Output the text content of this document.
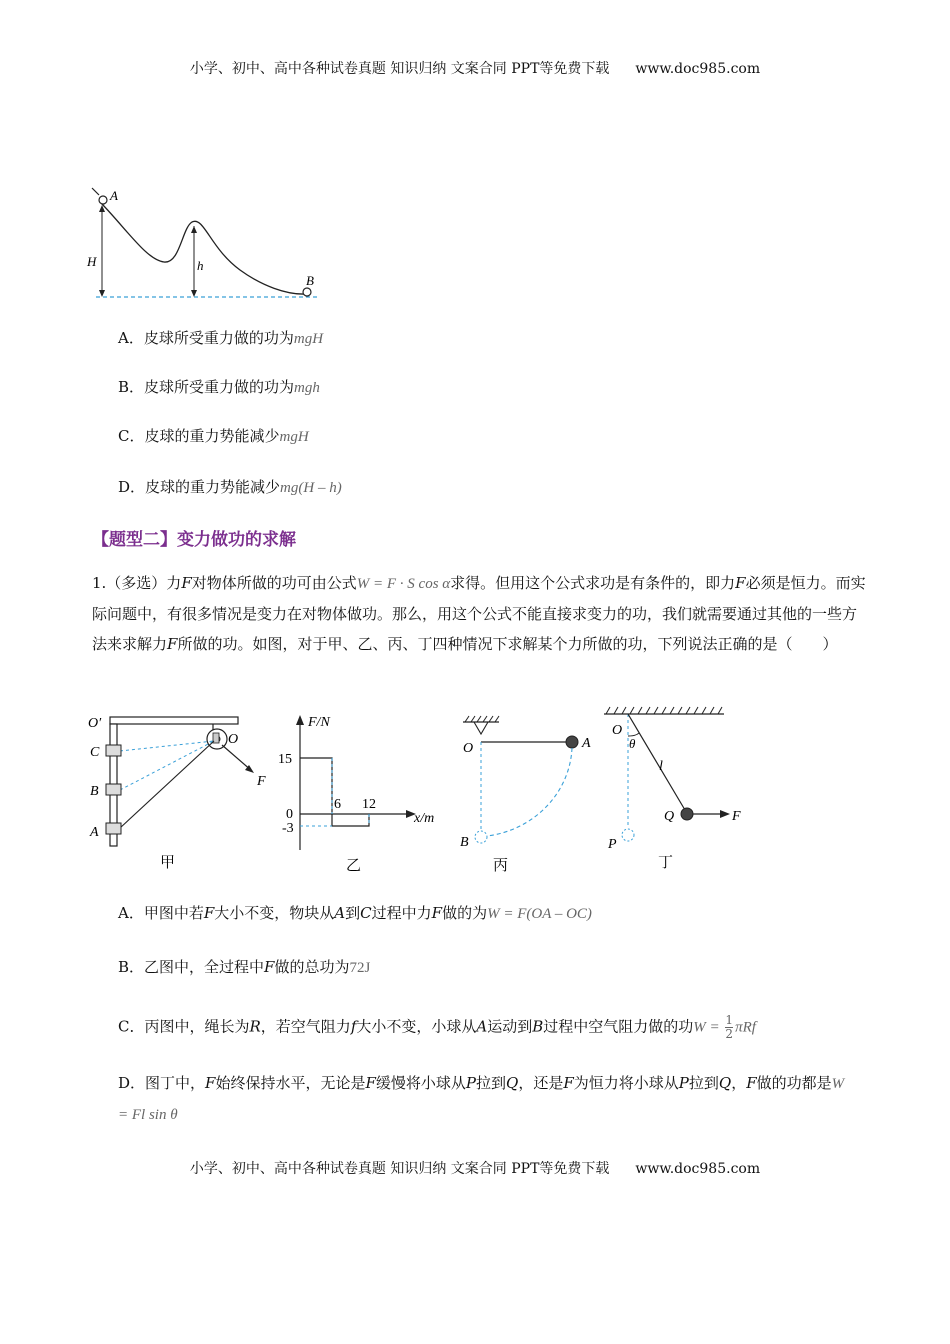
小学、初中、高中各种试卷真题 知识归纳 文案合同 PPT等免费下载 www.doc985.com
A
H	h
B
A．皮球所受重力做的功为mgH
B．皮球所受重力做的功为mgh
C．皮球的重力势能减少mgH
D．皮球的重力势能减少mg(H – h)
【题型二】变力做功的求解
1.（多选）力F对物体所做的功可由公式W = F · S cos α求得。但用这个公式求功是有条件的，即力F必须是恒力。而实际问题中，有很多情况是变力在对物体做功。那么，用这个公式不能直接求变力的功，我们就需要通过其他的一些方法来求解力F所做的功。如图，对于甲、乙、丙、丁四种情况下求解某个力所做的功，下列说法正确的是（　　）
O′
O
C
B
A
F
甲
F/N
15
0
-3
6 12
x/m
乙
O	A
B
丙
O
θ
l
Q	F
P
丁
A．甲图中若F大小不变，物块从A到C过程中力F做的为W = F(OA – OC)
B．乙图中，全过程中F做的总功为72J
C．丙图中，绳长为R，若空气阻力f大小不变，小球从A运动到B过程中空气阻力做的功$W = \frac{1}{2}$ πRf
D．图丁中，F始终保持水平，无论是F缓慢将小球从P拉到Q，还是F为恒力将小球从P拉到Q，F做的功都是W = Fl sin θ
小学、初中、高中各种试卷真题 知识归纳 文案合同 PPT等免费下载 www.doc985.com
